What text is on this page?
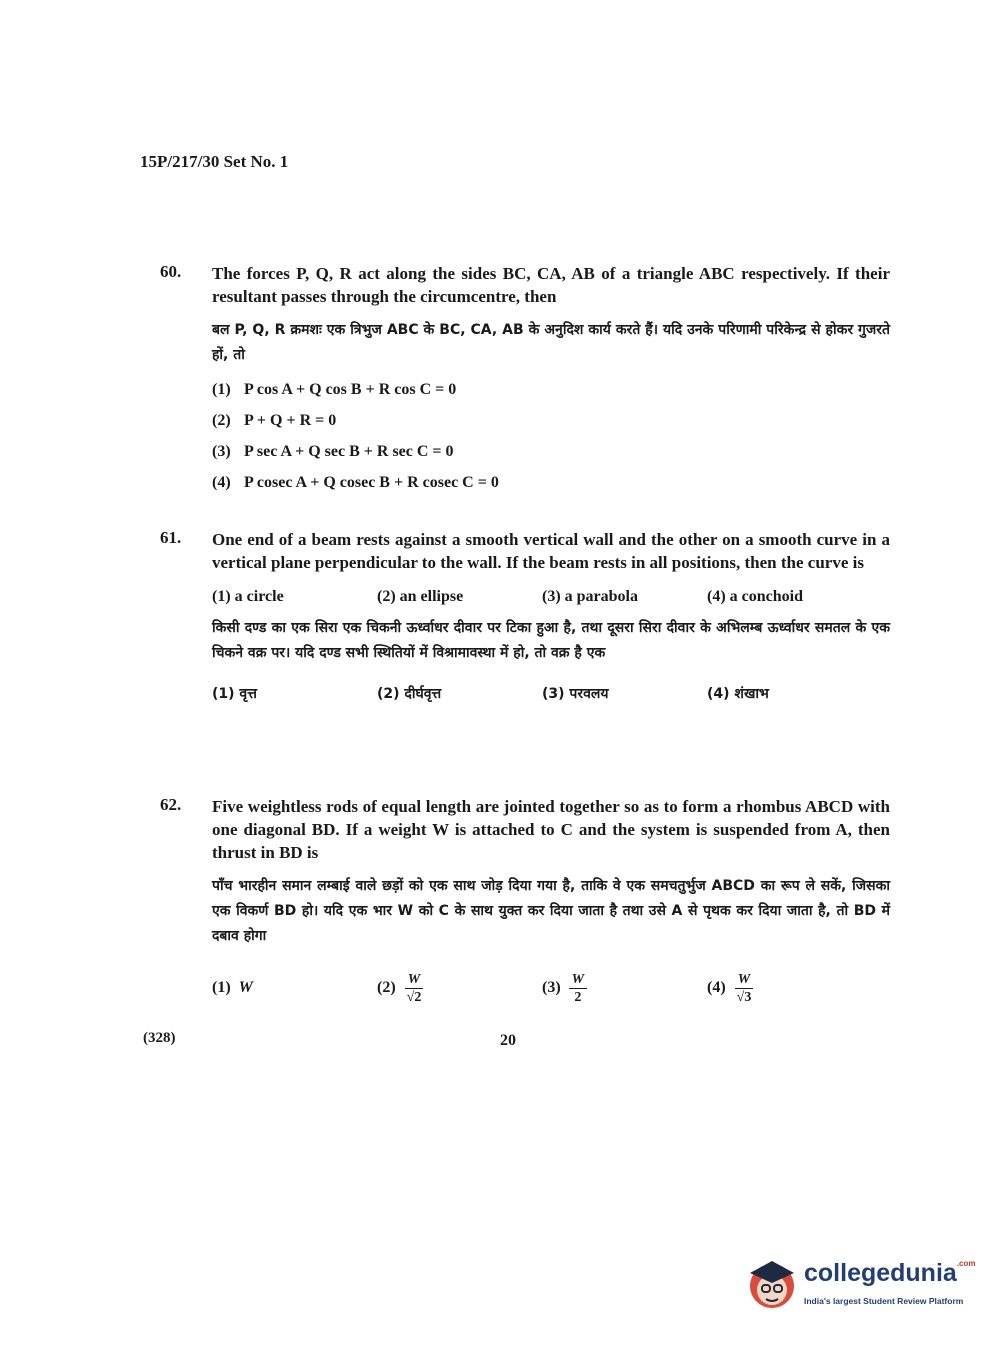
15P/217/30 Set No. 1
60. The forces P, Q, R act along the sides BC, CA, AB of a triangle ABC respectively. If their resultant passes through the circumcentre, then
बल P, Q, R क्रमशः एक त्रिभुज ABC के BC, CA, AB के अनुदिश कार्य करते हैं। यदि उनके परिणामी परिकेन्द्र से होकर गुजरते हों, तो
(1) P cos A + Q cos B + R cos C = 0
(2) P + Q + R = 0
(3) P sec A + Q sec B + R sec C = 0
(4) P cosec A + Q cosec B + R cosec C = 0
61. One end of a beam rests against a smooth vertical wall and the other on a smooth curve in a vertical plane perpendicular to the wall. If the beam rests in all positions, then the curve is
(1) a circle	(2) an ellipse	(3) a parabola	(4) a conchoid
किसी दण्ड का एक सिरा एक चिकनी ऊर्ध्वाधर दीवार पर टिका हुआ है, तथा दूसरा सिरा दीवार के अभिलम्ब ऊर्ध्वाधर समतल के एक चिकने वक्र पर। यदि दण्ड सभी स्थितियों में विश्रामावस्था में हो, तो वक्र है एक
(1) वृत्त	(2) दीर्घवृत्त	(3) परवलय	(4) शंखाभ
62. Five weightless rods of equal length are jointed together so as to form a rhombus ABCD with one diagonal BD. If a weight W is attached to C and the system is suspended from A, then thrust in BD is
पाँच भारहीन समान लम्बाई वाले छड़ों को एक साथ जोड़ दिया गया है, ताकि वे एक समचतुर्भुज ABCD का रूप ले सकें, जिसका एक विकर्ण BD हो। यदि एक भार W को C के साथ युक्त कर दिया जाता है तथा उसे A से पृथक कर दिया जाता है, तो BD में दबाव होगा
(1) W	$(2) \frac{W}{√2}$	$(3) \frac{W}{2}$	$(4) \frac{W}{√3}$
(328)	20
collegedunia$^{.com}$
India's largest Student Review Platform
